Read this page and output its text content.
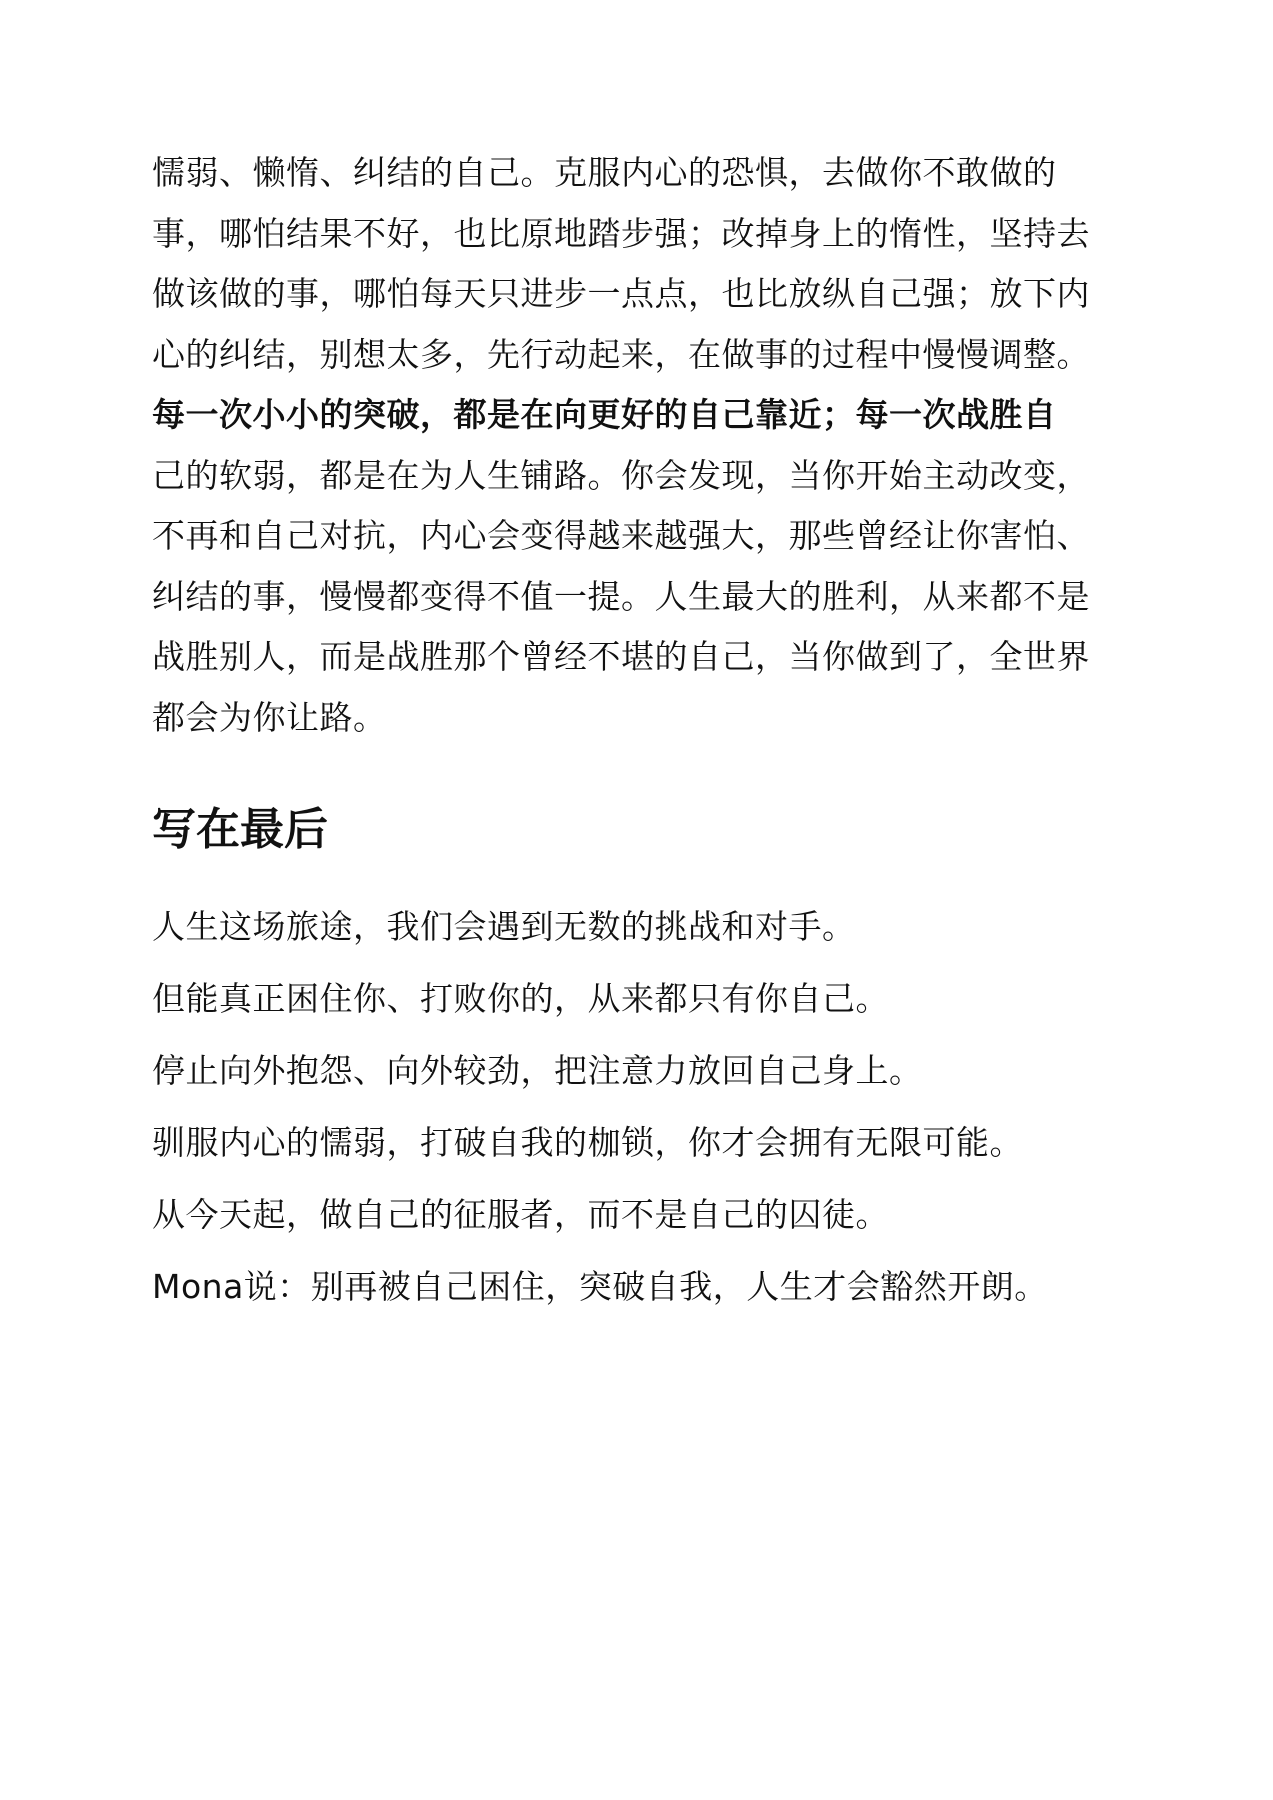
懦弱、懒惰、纠结的自己。克服内心的恐惧，去做你不敢做的
事，哪怕结果不好，也比原地踏步强；改掉身上的惰性，坚持去
做该做的事，哪怕每天只进步一点点，也比放纵自己强；放下内
心的纠结，别想太多，先行动起来，在做事的过程中慢慢调整。
每一次小小的突破，都是在向更好的自己靠近；每一次战胜自
己的软弱，都是在为人生铺路。你会发现，当你开始主动改变，
不再和自己对抗，内心会变得越来越强大，那些曾经让你害怕、
纠结的事，慢慢都变得不值一提。人生最大的胜利，从来都不是
战胜别人，而是战胜那个曾经不堪的自己，当你做到了，全世界
都会为你让路。
写在最后
人生这场旅途，我们会遇到无数的挑战和对手。
但能真正困住你、打败你的，从来都只有你自己。
停止向外抱怨、向外较劲，把注意力放回自己身上。
驯服内心的懦弱，打破自我的枷锁，你才会拥有无限可能。
从今天起，做自己的征服者，而不是自己的囚徒。
Mona说：别再被自己困住，突破自我，人生才会豁然开朗。
